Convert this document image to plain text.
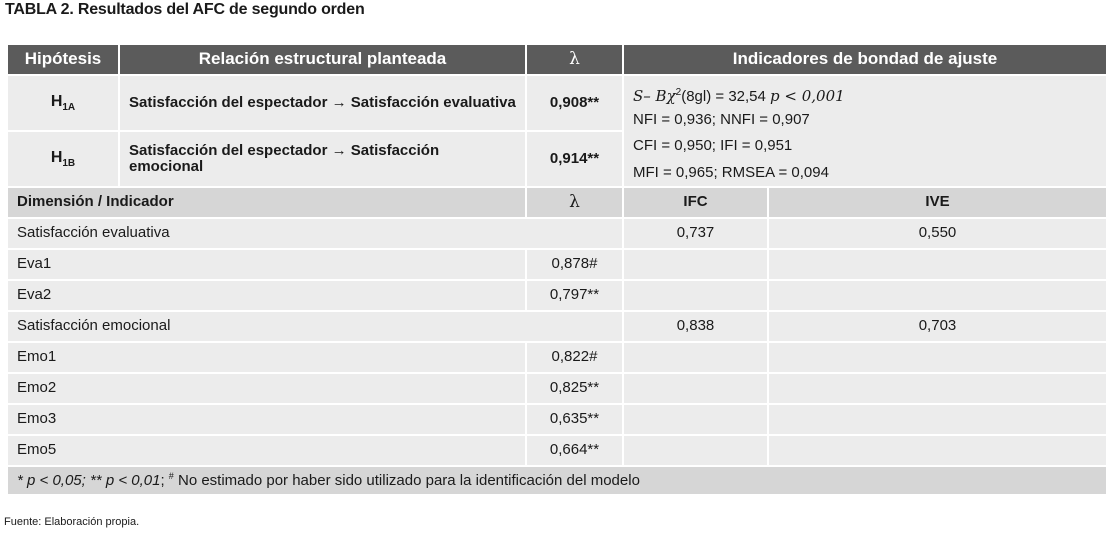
TABLA 2. Resultados del AFC de segundo orden
Hipótesis	Relación estructural planteada	λ	Indicadores de bondad de ajuste	
$H_{1A}$	Satisfacción del espectador → Satisfacción evaluativa	0,908**	S– $B\chi^2(8gl) = 32,54$ p < 0,001
NFI = 0,936; NNFI = 0,907
CFI = 0,950; IFI = 0,951
MFI = 0,965; RMSEA = 0,094	

$H_{1B}$	Satisfacción del espectador → Satisfacción emocional	0,914**		
Dimensión / Indicador		λ	IFC	IVE
Satisfacción evaluativa			0,737	0,550
Eva1		0,878#		
Eva2		0,797**		
Satisfacción emocional			0,838	0,703
Emo1		0,822#		
Emo2		0,825**		
Emo3		0,635**		
Emo5		0,664**		
* p < 0,05; ** p < 0,01; # No estimado por haber sido utilizado para la identificación del modelo				
Fuente: Elaboración propia.
